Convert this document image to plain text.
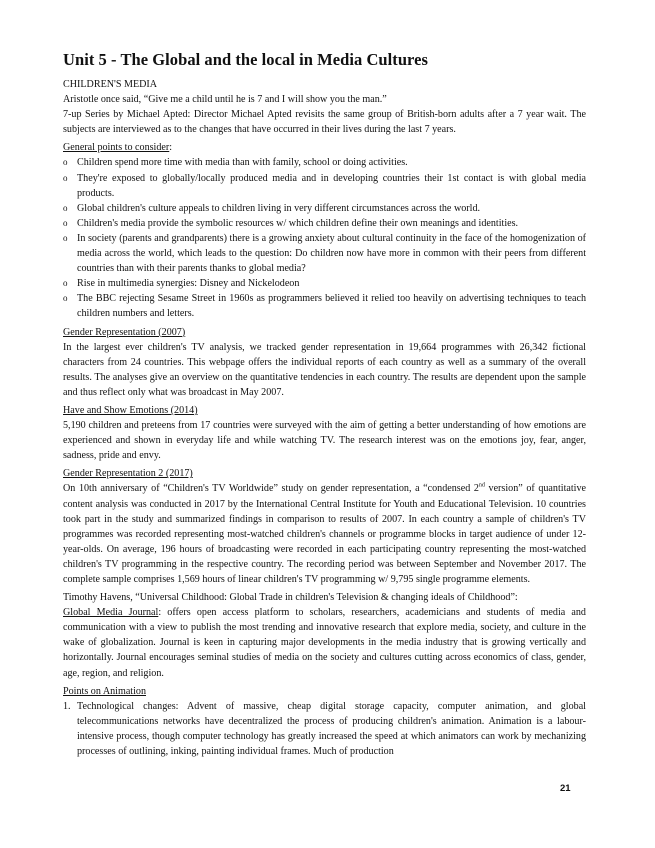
Unit 5 - The Global and the local in Media Cultures

CHILDREN'S MEDIA

Aristotle once said, “Give me a child until he is 7 and I will show you the man.”

7-up Series by Michael Apted: Director Michael Apted revisits the same group of British-born adults after a 7 year wait. The subjects are interviewed as to the changes that have occurred in their lives during the last 7 years.

General points to consider:

o Children spend more time with media than with family, school or doing activities.
o They're exposed to globally/locally produced media and in developing countries their 1st contact is with global media products.
o Global children's culture appeals to children living in very different circumstances across the world.
o Children's media provide the symbolic resources w/ which children define their own meanings and identities.
o In society (parents and grandparents) there is a growing anxiety about cultural continuity in the face of the homogenization of media across the world, which leads to the question: Do children now have more in common with their peers from different countries than with their parents thanks to global media?
o Rise in multimedia synergies: Disney and Nickelodeon
o The BBC rejecting Sesame Street in 1960s as programmers believed it relied too heavily on advertising techniques to teach children numbers and letters.

Gender Representation (2007)

In the largest ever children's TV analysis, we tracked gender representation in 19,664 programmes with 26,342 fictional characters from 24 countries. This webpage offers the individual reports of each country as well as a summary of the overall results. The analyses give an overview on the quantitative tendencies in each country. The results are dependent upon the sample and thus reflect only what was broadcast in May 2007.

Have and Show Emotions (2014)

5,190 children and preteens from 17 countries were surveyed with the aim of getting a better understanding of how emotions are experienced and shown in everyday life and while watching TV. The research interest was on the emotions joy, fear, anger, sadness, pride and envy.

Gender Representation 2 (2017)

On 10th anniversary of “Children's TV Worldwide” study on gender representation, a “condensed 2nd version” of quantitative content analysis was conducted in 2017 by the International Central Institute for Youth and Educational Television. 10 countries took part in the study and summarized findings in comparison to results of 2007. In each country a sample of children's TV programmes was recorded representing most-watched children's channels or programme blocks in target audience of under 12-year-olds. On average, 196 hours of broadcasting were recorded in each participating country representing the most-watched children's TV programming in the respective country. The recording period was between September and November 2017. The complete sample comprises 1,569 hours of linear children's TV programming w/ 9,795 single programme elements.

Timothy Havens, “Universal Childhood: Global Trade in children's Television & changing ideals of Childhood”:

Global Media Journal: offers open access platform to scholars, researchers, academicians and students of media and communication with a view to publish the most trending and innovative research that explore media, society, and culture in the wake of globalization. Journal is keen in capturing major developments in the media industry that is growing vertically and horizontally. Journal encourages seminal studies of media on the society and cultures cutting across economics of class, gender, age, region, and religion.

Points on Animation

1. Technological changes: Advent of massive, cheap digital storage capacity, computer animation, and global telecommunications networks have decentralized the process of producing children's animation. Animation is a labour-intensive process, though computer technology has greatly increased the speed at which animators can work by mechanizing processes of outlining, inking, painting individual frames. Much of production
21
